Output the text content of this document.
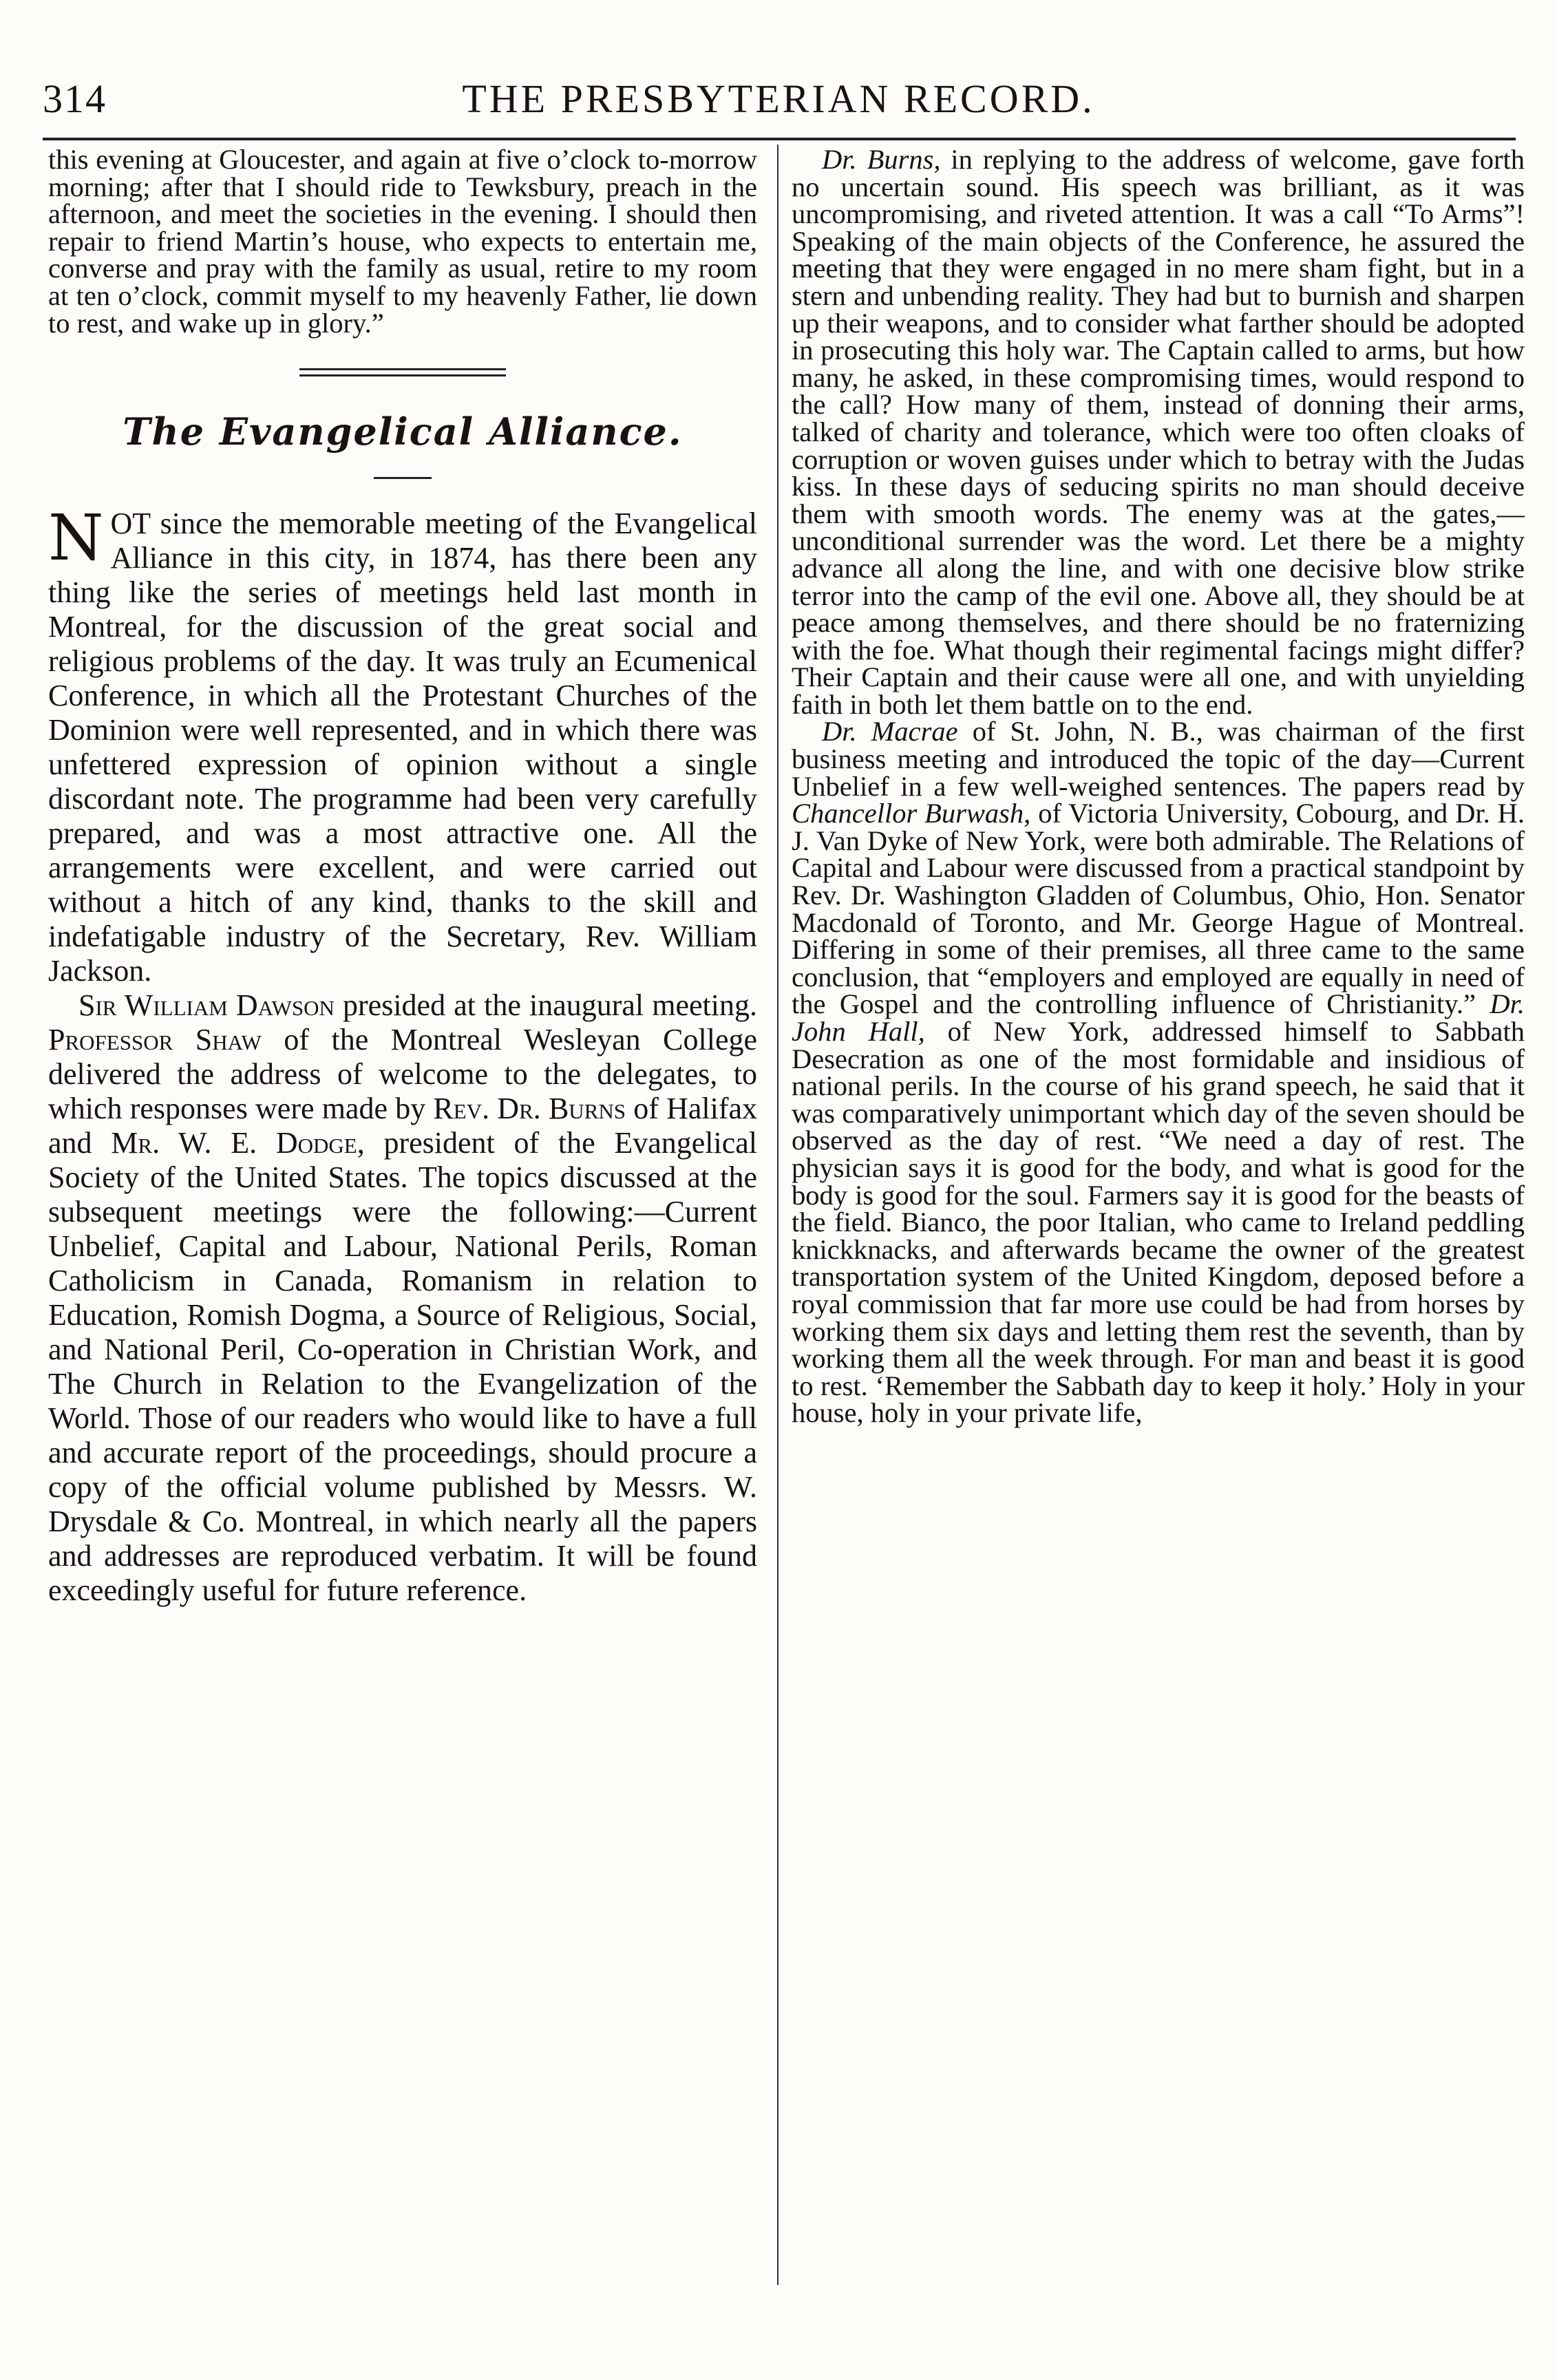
314	THE PRESBYTERIAN RECORD.

this evening at Gloucester, and again at five o’clock to-morrow morning; after that I should ride to Tewksbury, preach in the afternoon, and meet the societies in the evening. I should then repair to friend Martin’s house, who expects to entertain me, converse and pray with the family as usual, retire to my room at ten o’clock, commit myself to my heavenly Father, lie down to rest, and wake up in glory.”

The Evangelical Alliance.

NOT since the memorable meeting of the Evangelical Alliance in this city, in 1874, has there been any thing like the series of meetings held last month in Montreal, for the discussion of the great social and religious problems of the day. It was truly an Ecumenical Conference, in which all the Protestant Churches of the Dominion were well represented, and in which there was unfettered expression of opinion without a single discordant note. The programme had been very carefully prepared, and was a most attractive one. All the arrangements were excellent, and were carried out without a hitch of any kind, thanks to the skill and indefatigable industry of the Secretary, Rev. William Jackson.

Sir William Dawson presided at the inaugural meeting. Professor Shaw of the Montreal Wesleyan College delivered the address of welcome to the delegates, to which responses were made by Rev. Dr. Burns of Halifax and Mr. W. E. Dodge, president of the Evangelical Society of the United States. The topics discussed at the subsequent meetings were the following:—Current Unbelief, Capital and Labour, National Perils, Roman Catholicism in Canada, Romanism in relation to Education, Romish Dogma, a Source of Religious, Social, and National Peril, Co-operation in Christian Work, and The Church in Relation to the Evangelization of the World. Those of our readers who would like to have a full and accurate report of the proceedings, should procure a copy of the official volume published by Messrs. W. Drysdale & Co. Montreal, in which nearly all the papers and addresses are reproduced verbatim. It will be found exceedingly useful for future reference.

Dr. Burns, in replying to the address of welcome, gave forth no uncertain sound. His speech was brilliant, as it was uncompromising, and riveted attention. It was a call “To Arms”! Speaking of the main objects of the Conference, he assured the meeting that they were engaged in no mere sham fight, but in a stern and unbending reality. They had but to burnish and sharpen up their weapons, and to consider what farther should be adopted in prosecuting this holy war. The Captain called to arms, but how many, he asked, in these compromising times, would respond to the call? How many of them, instead of donning their arms, talked of charity and tolerance, which were too often cloaks of corruption or woven guises under which to betray with the Judas kiss. In these days of seducing spirits no man should deceive them with smooth words. The enemy was at the gates,—unconditional surrender was the word. Let there be a mighty advance all along the line, and with one decisive blow strike terror into the camp of the evil one. Above all, they should be at peace among themselves, and there should be no fraternizing with the foe. What though their regimental facings might differ? Their Captain and their cause were all one, and with unyielding faith in both let them battle on to the end.

Dr. Macrae of St. John, N. B., was chairman of the first business meeting and introduced the topic of the day—Current Unbelief in a few well-weighed sentences. The papers read by Chancellor Burwash, of Victoria University, Cobourg, and Dr. H. J. Van Dyke of New York, were both admirable. The Relations of Capital and Labour were discussed from a practical standpoint by Rev. Dr. Washington Gladden of Columbus, Ohio, Hon. Senator Macdonald of Toronto, and Mr. George Hague of Montreal. Differing in some of their premises, all three came to the same conclusion, that “employers and employed are equally in need of the Gospel and the controlling influence of Christianity.” Dr. John Hall, of New York, addressed himself to Sabbath Desecration as one of the most formidable and insidious of national perils. In the course of his grand speech, he said that it was comparatively unimportant which day of the seven should be observed as the day of rest. “We need a day of rest. The physician says it is good for the body, and what is good for the body is good for the soul. Farmers say it is good for the beasts of the field. Bianco, the poor Italian, who came to Ireland peddling knickknacks, and afterwards became the owner of the greatest transportation system of the United Kingdom, deposed before a royal commission that far more use could be had from horses by working them six days and letting them rest the seventh, than by working them all the week through. For man and beast it is good to rest. ‘Remember the Sabbath day to keep it holy.’ Holy in your house, holy in your private life,
